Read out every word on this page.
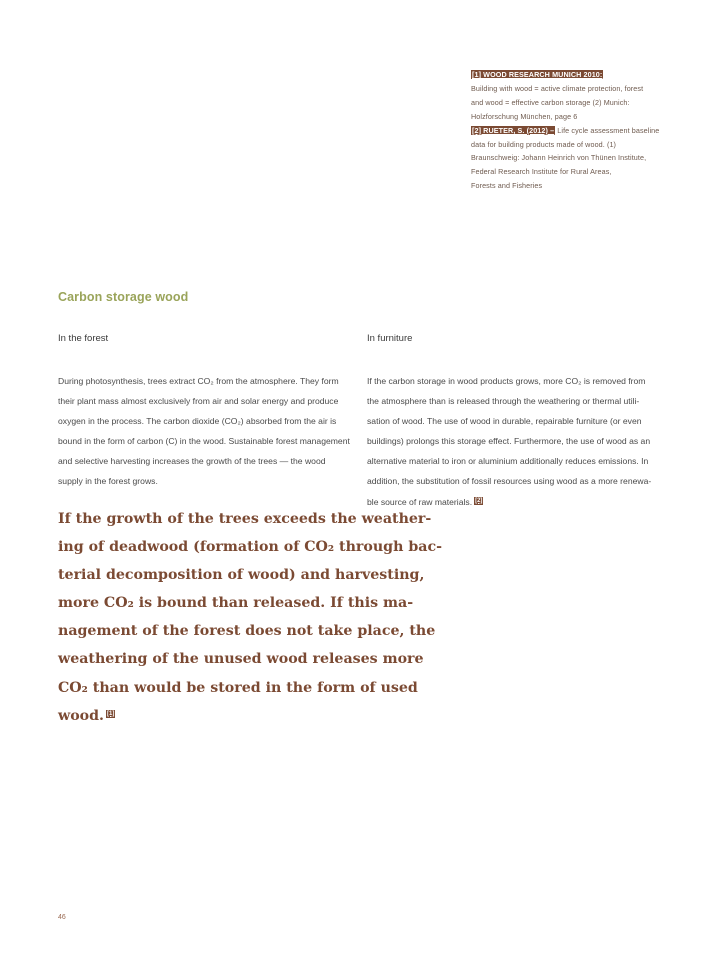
[1] WOOD RESEARCH MUNICH 2010:
Building with wood = active climate protection, forest
and wood = effective carbon storage (2) Munich:
Holzforschung München, page 6
[2] RUETER, S. (2012) – Life cycle assessment baseline
data for building products made of wood. (1)
Braunschweig: Johann Heinrich von Thünen Institute,
Federal Research Institute for Rural Areas,
Forests and Fisheries
Carbon storage wood
In the forest	In furniture
During photosynthesis, trees extract CO₂ from the atmosphere. They form
their plant mass almost exclusively from air and solar energy and produce
oxygen in the process. The carbon dioxide (CO₂) absorbed from the air is
bound in the form of carbon (C) in the wood. Sustainable forest management
and selective harvesting increases the growth of the trees — the wood
supply in the forest grows.
If the carbon storage in wood products grows, more CO₂ is removed from
the atmosphere than is released through the weathering or thermal utili-
sation of wood. The use of wood in durable, repairable furniture (or even
buildings) prolongs this storage effect. Furthermore, the use of wood as an
alternative material to iron or aluminium additionally reduces emissions. In
addition, the substitution of fossil resources using wood as a more renewa-
ble source of raw materials. [2]
If the growth of the trees exceeds the weather-
ing of deadwood (formation of CO₂ through bac-
terial decomposition of wood) and harvesting,
more CO₂ is bound than released. If this ma-
nagement of the forest does not take place, the
weathering of the unused wood releases more
CO₂ than would be stored in the form of used
wood. [1]
46
